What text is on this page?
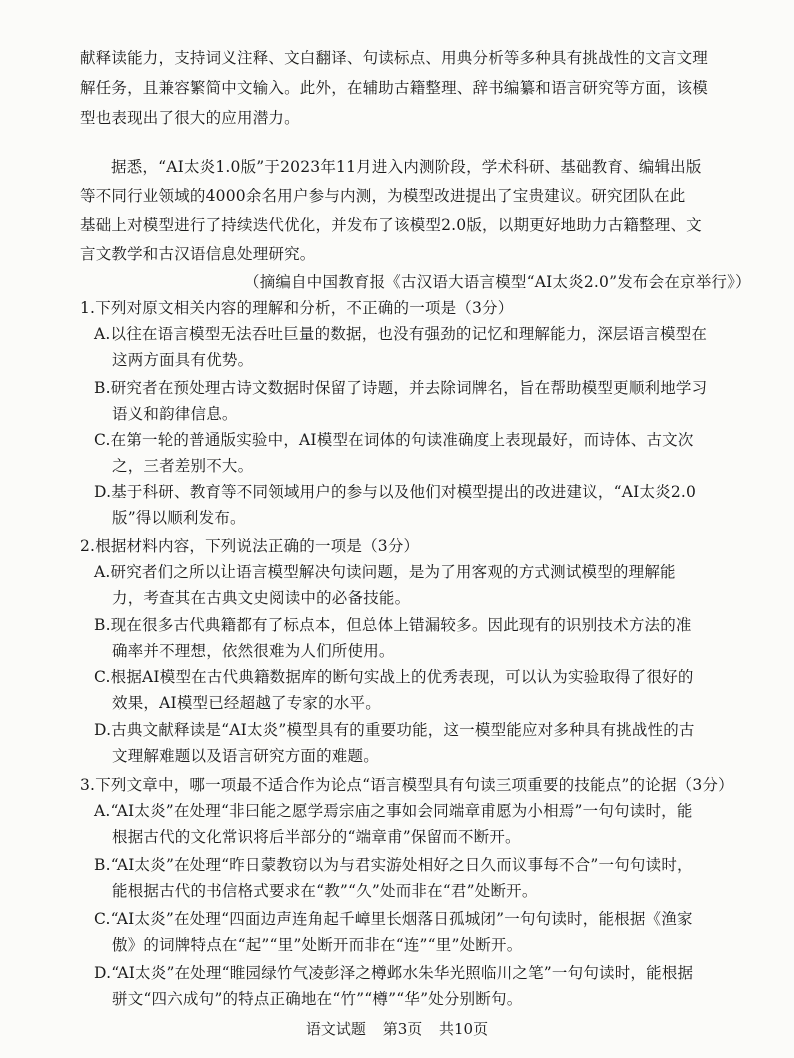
献释读能力，支持词义注释、文白翻译、句读标点、用典分析等多种具有挑战性的文言文理
解任务，且兼容繁简中文输入。此外，在辅助古籍整理、辞书编纂和语言研究等方面，该模
型也表现出了很大的应用潜力。
据悉，“AI太炎1.0版”于2023年11月进入内测阶段，学术科研、基础教育、编辑出版
等不同行业领域的4000余名用户参与内测，为模型改进提出了宝贵建议。研究团队在此
基础上对模型进行了持续迭代优化，并发布了该模型2.0版，以期更好地助力古籍整理、文
言文教学和古汉语信息处理研究。
（摘编自中国教育报《古汉语大语言模型“AI太炎2.0”发布会在京举行》）
1.下列对原文相关内容的理解和分析，不正确的一项是（3分）
A.以往在语言模型无法吞吐巨量的数据，也没有强劲的记忆和理解能力，深层语言模型在
这两方面具有优势。
B.研究者在预处理古诗文数据时保留了诗题，并去除词牌名，旨在帮助模型更顺利地学习
语义和韵律信息。
C.在第一轮的普通版实验中，AI模型在词体的句读准确度上表现最好，而诗体、古文次
之，三者差别不大。
D.基于科研、教育等不同领域用户的参与以及他们对模型提出的改进建议，“AI太炎2.0
版”得以顺利发布。
2.根据材料内容，下列说法正确的一项是（3分）
A.研究者们之所以让语言模型解决句读问题，是为了用客观的方式测试模型的理解能
力，考查其在古典文史阅读中的必备技能。
B.现在很多古代典籍都有了标点本，但总体上错漏较多。因此现有的识别技术方法的准
确率并不理想，依然很难为人们所使用。
C.根据AI模型在古代典籍数据库的断句实战上的优秀表现，可以认为实验取得了很好的
效果，AI模型已经超越了专家的水平。
D.古典文献释读是“AI太炎”模型具有的重要功能，这一模型能应对多种具有挑战性的古
文理解难题以及语言研究方面的难题。
3.下列文章中，哪一项最不适合作为论点“语言模型具有句读三项重要的技能点”的论据（3分）
A.“AI太炎”在处理“非曰能之愿学焉宗庙之事如会同端章甫愿为小相焉”一句句读时，能
根据古代的文化常识将后半部分的“端章甫”保留而不断开。
B.“AI太炎”在处理“昨日蒙教窃以为与君实游处相好之日久而议事每不合”一句句读时，
能根据古代的书信格式要求在“教”“久”处而非在“君”处断开。
C.“AI太炎”在处理“四面边声连角起千嶂里长烟落日孤城闭”一句句读时，能根据《渔家
傲》的词牌特点在“起”“里”处断开而非在“连”“里”处断开。
D.“AI太炎”在处理“睢园绿竹气凌彭泽之樽邺水朱华光照临川之笔”一句句读时，能根据
骈文“四六成句”的特点正确地在“竹”“樽”“华”处分别断句。
语文试题 第3页 共10页
